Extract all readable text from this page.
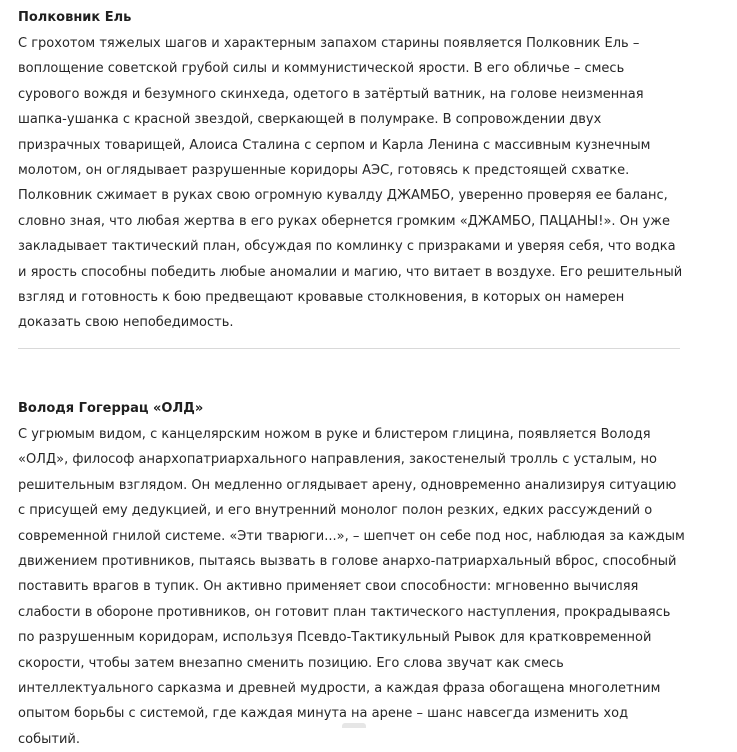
Полковник Ель

С грохотом тяжелых шагов и характерным запахом старины появляется Полковник Ель – воплощение советской грубой силы и коммунистической ярости. В его обличье – смесь сурового вождя и безумного скинхеда, одетого в затёртый ватник, на голове неизменная шапка-ушанка с красной звездой, сверкающей в полумраке. В сопровождении двух призрачных товарищей, Алоиса Сталина с серпом и Карла Ленина с массивным кузнечным молотом, он оглядывает разрушенные коридоры АЭС, готовясь к предстоящей схватке. Полковник сжимает в руках свою огромную кувалду ДЖАМБО, уверенно проверяя ее баланс, словно зная, что любая жертва в его руках обернется громким «ДЖАМБО, ПАЦАНЫ!». Он уже закладывает тактический план, обсуждая по комлинку с призраками и уверяя себя, что водка и ярость способны победить любые аномалии и магию, что витает в воздухе. Его решительный взгляд и готовность к бою предвещают кровавые столкновения, в которых он намерен доказать свою непобедимость.

Володя Гогеррац «ОЛД»

С угрюмым видом, с канцелярским ножом в руке и блистером глицина, появляется Володя «ОЛД», философ анархопатриархального направления, закостенелый тролль с усталым, но решительным взглядом. Он медленно оглядывает арену, одновременно анализируя ситуацию с присущей ему дедукцией, и его внутренний монолог полон резких, едких рассуждений о современной гнилой системе. «Эти тварюги...», – шепчет он себе под нос, наблюдая за каждым движением противников, пытаясь вызвать в голове анархо-патриархальный вброс, способный поставить врагов в тупик. Он активно применяет свои способности: мгновенно вычисляя слабости в обороне противников, он готовит план тактического наступления, прокрадываясь по разрушенным коридорам, используя Псевдо-Тактикульный Рывок для кратковременной скорости, чтобы затем внезапно сменить позицию. Его слова звучат как смесь интеллектуального сарказма и древней мудрости, а каждая фраза обогащена многолетним опытом борьбы с системой, где каждая минута на арене – шанс навсегда изменить ход событий.
